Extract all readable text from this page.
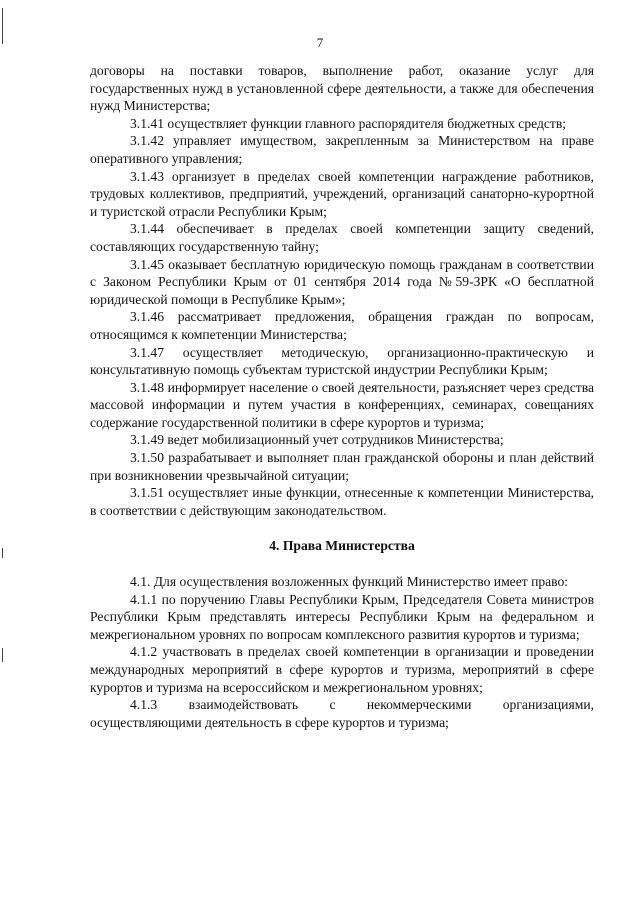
7

договоры на поставки товаров, выполнение работ, оказание услуг для государственных нужд в установленной сфере деятельности, а также для обеспечения нужд Министерства;

3.1.41 осуществляет функции главного распорядителя бюджетных средств;

3.1.42 управляет имуществом, закрепленным за Министерством на праве оперативного управления;

3.1.43 организует в пределах своей компетенции награждение работников, трудовых коллективов, предприятий, учреждений, организаций санаторно-курортной и туристской отрасли Республики Крым;

3.1.44 обеспечивает в пределах своей компетенции защиту сведений, составляющих государственную тайну;

3.1.45 оказывает бесплатную юридическую помощь гражданам в соответствии с Законом Республики Крым от 01 сентября 2014 года №59-ЗРК «О бесплатной юридической помощи в Республике Крым»;

3.1.46 рассматривает предложения, обращения граждан по вопросам, относящимся к компетенции Министерства;

3.1.47 осуществляет методическую, организационно-практическую и консультативную помощь субъектам туристской индустрии Республики Крым;

3.1.48 информирует население о своей деятельности, разъясняет через средства массовой информации и путем участия в конференциях, семинарах, совещаниях содержание государственной политики в сфере курортов и туризма;

3.1.49 ведет мобилизационный учет сотрудников Министерства;

3.1.50 разрабатывает и выполняет план гражданской обороны и план действий при возникновении чрезвычайной ситуации;

3.1.51 осуществляет иные функции, отнесенные к компетенции Министерства, в соответствии с действующим законодательством.

4. Права Министерства

4.1. Для осуществления возложенных функций Министерство имеет право:

4.1.1 по поручению Главы Республики Крым, Председателя Совета министров Республики Крым представлять интересы Республики Крым на федеральном и межрегиональном уровнях по вопросам комплексного развития курортов и туризма;

4.1.2 участвовать в пределах своей компетенции в организации и проведении международных мероприятий в сфере курортов и туризма, мероприятий в сфере курортов и туризма на всероссийском и межрегиональном уровнях;

4.1.3 взаимодействовать с некоммерческими организациями, осуществляющими деятельность в сфере курортов и туризма;
